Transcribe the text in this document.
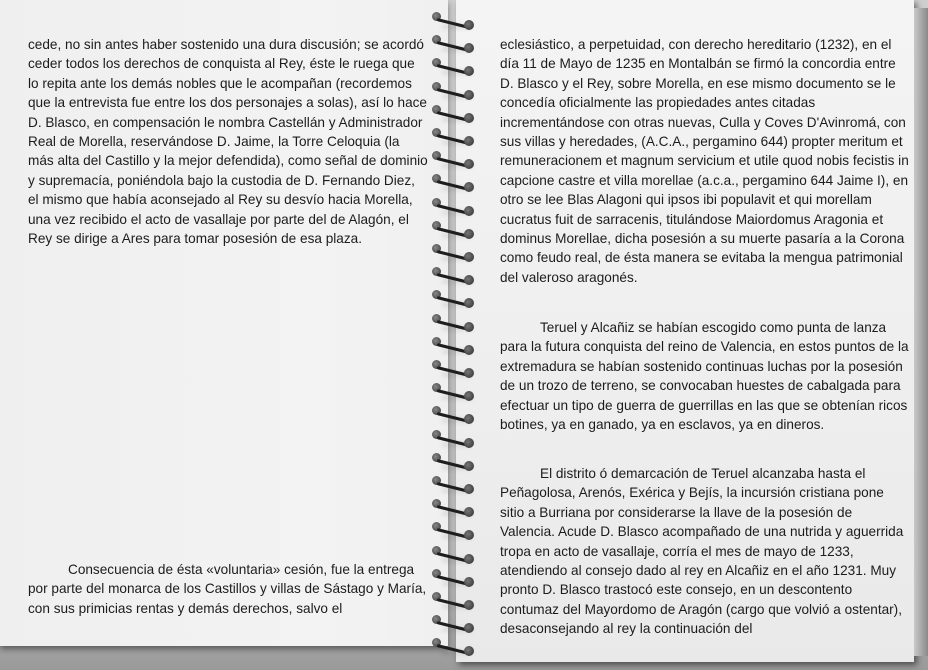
cede, no sin antes haber sostenido una dura discusión; se acordó ceder todos los derechos de conquista al Rey, éste le ruega que lo repita ante los demás nobles que le acompañan (recordemos que la entrevista fue entre los dos personajes a solas), así lo hace D. Blasco, en compensación le nombra Castellán y Administrador Real de Morella, reservándose D. Jaime, la Torre Celoquia (la más alta del Castillo y la mejor defendida), como señal de dominio y supremacía, poniéndola bajo la custodia de D. Fernando Diez, el mismo que había aconsejado al Rey su desvío hacia Morella, una vez recibido el acto de vasallaje por parte del de Alagón, el Rey se dirige a Ares para tomar posesión de esa plaza.

Consecuencia de ésta «voluntaria» cesión, fue la entrega por parte del monarca de los Castillos y villas de Sástago y María, con sus primicias rentas y demás derechos, salvo el

eclesiástico, a perpetuidad, con derecho hereditario (1232), en el día 11 de Mayo de 1235 en Montalbán se firmó la concordia entre D. Blasco y el Rey, sobre Morella, en ese mismo documento se le concedía oficialmente las propiedades antes citadas incrementándose con otras nuevas, Culla y Coves D'Avinromá, con sus villas y heredades, (A.C.A., pergamino 644) propter meritum et remuneracionem et magnum servicium et utile quod nobis fecistis in capcione castre et villa morellae (a.c.a., pergamino 644 Jaime I), en otro se lee Blas Alagoni qui ipsos ibi populavit et qui morellam cucratus fuit de sarracenis, titulándose Maiordomus Aragonia et dominus Morellae, dicha posesión a su muerte pasaría a la Corona como feudo real, de ésta manera se evitaba la mengua patrimonial del valeroso aragonés.

Teruel y Alcañiz se habían escogido como punta de lanza para la futura conquista del reino de Valencia, en estos puntos de la extremadura se habían sostenido continuas luchas por la posesión de un trozo de terreno, se convocaban huestes de cabalgada para efectuar un tipo de guerra de guerrillas en las que se obtenían ricos botines, ya en ganado, ya en esclavos, ya en dineros.

El distrito ó demarcación de Teruel alcanzaba hasta el Peñagolosa, Arenós, Exérica y Bejís, la incursión cristiana pone sitio a Burriana por considerarse la llave de la posesión de Valencia. Acude D. Blasco acompañado de una nutrida y aguerrida tropa en acto de vasallaje, corría el mes de mayo de 1233, atendiendo al consejo dado al rey en Alcañiz en el año 1231. Muy pronto D. Blasco trastocó este consejo, en un descontento contumaz del Mayordomo de Aragón (cargo que volvió a ostentar), desaconsejando al rey la continuación del
